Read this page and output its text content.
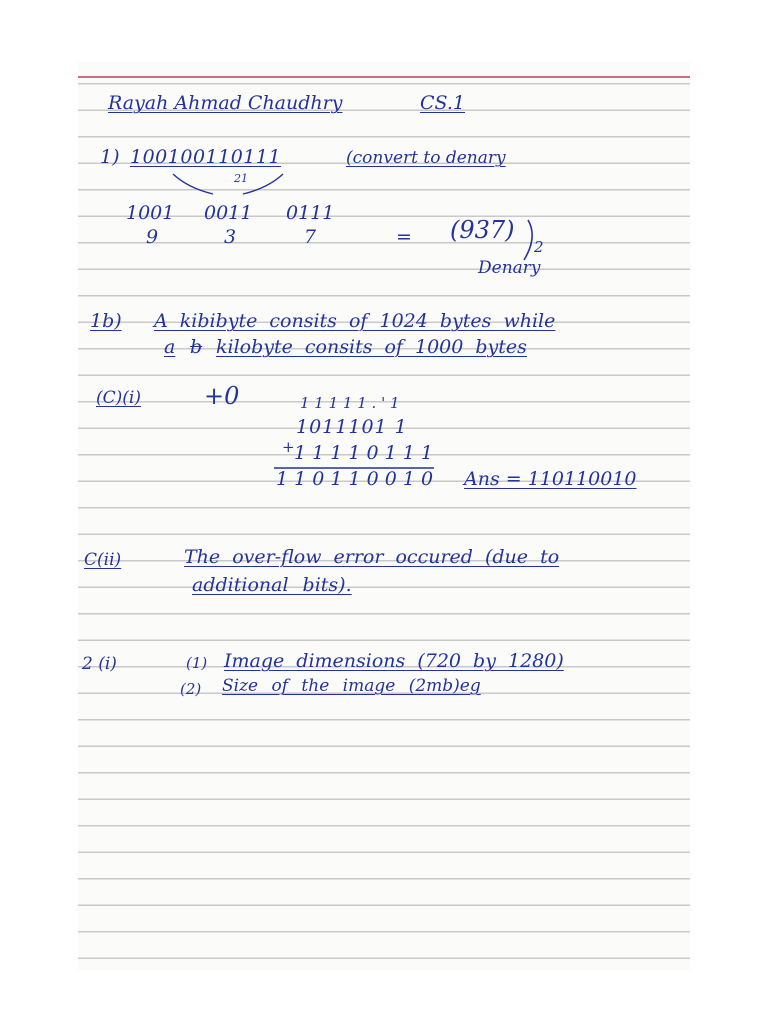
Rayah Ahmad Chaudhry	CS.1
1) 100100110111	(convert to denary
21
1001 0011 0111
9	3	7	= (937)
2
Denary
1b) A kibibyte consits of 1024 bytes while
a b kilobyte consits of 1000 bytes
(C)(i)	+0	1 1 1 1 1 . ' 1
1011101 1
+ 1 1 1 1 0 1 1 1
1 1 0 1 1 0 0 1 0 Ans = 110110010
C(ii)	The over-flow error occured (due to
additional bits).
2 (i)	(1) Image dimensions (720 by 1280)
(2) Size of the image (2mb)eg
